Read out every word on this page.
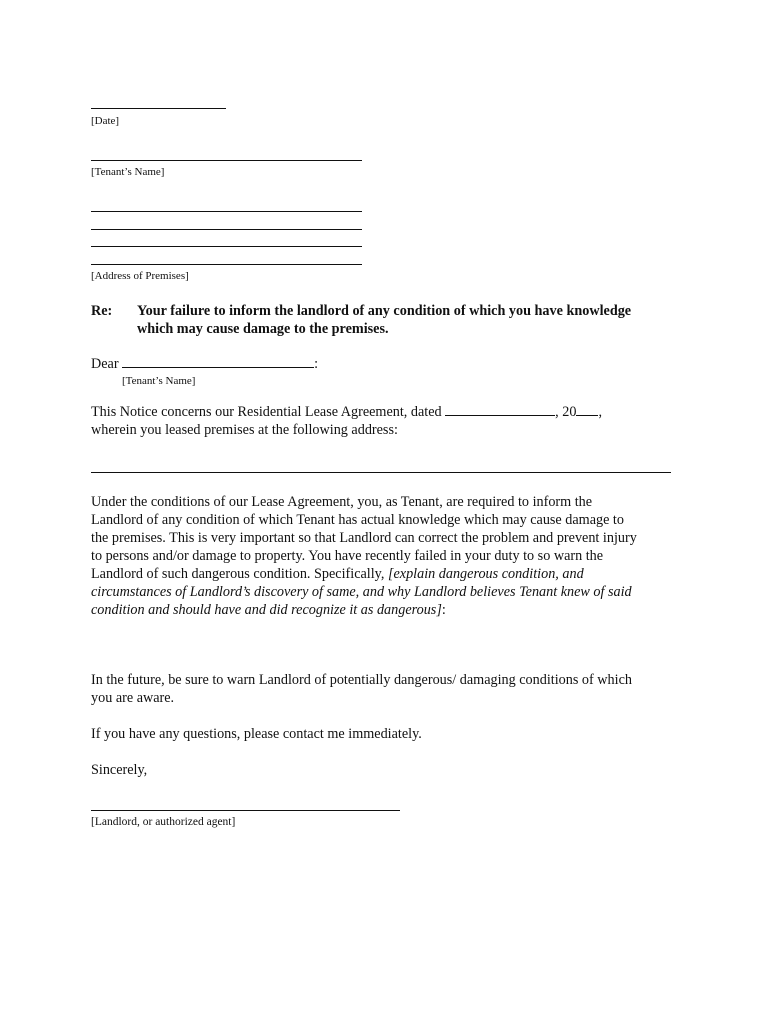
[Date]
[Tenant’s Name]
[Address of Premises]
Re: Your failure to inform the landlord of any condition of which you have knowledge
which may cause damage to the premises.
Dear	:
[Tenant’s Name]
This Notice concerns our Residential Lease Agreement, dated	, 20 ,
wherein you leased premises at the following address:
Under the conditions of our Lease Agreement, you, as Tenant, are required to inform the
Landlord of any condition of which Tenant has actual knowledge which may cause damage to
the premises. This is very important so that Landlord can correct the problem and prevent injury
to persons and/or damage to property. You have recently failed in your duty to so warn the
Landlord of such dangerous condition. Specifically, [explain dangerous condition, and
circumstances of Landlord’s discovery of same, and why Landlord believes Tenant knew of said
condition and should have and did recognize it as dangerous]:
In the future, be sure to warn Landlord of potentially dangerous/ damaging conditions of which
you are aware.
If you have any questions, please contact me immediately.
Sincerely,
[Landlord, or authorized agent]
